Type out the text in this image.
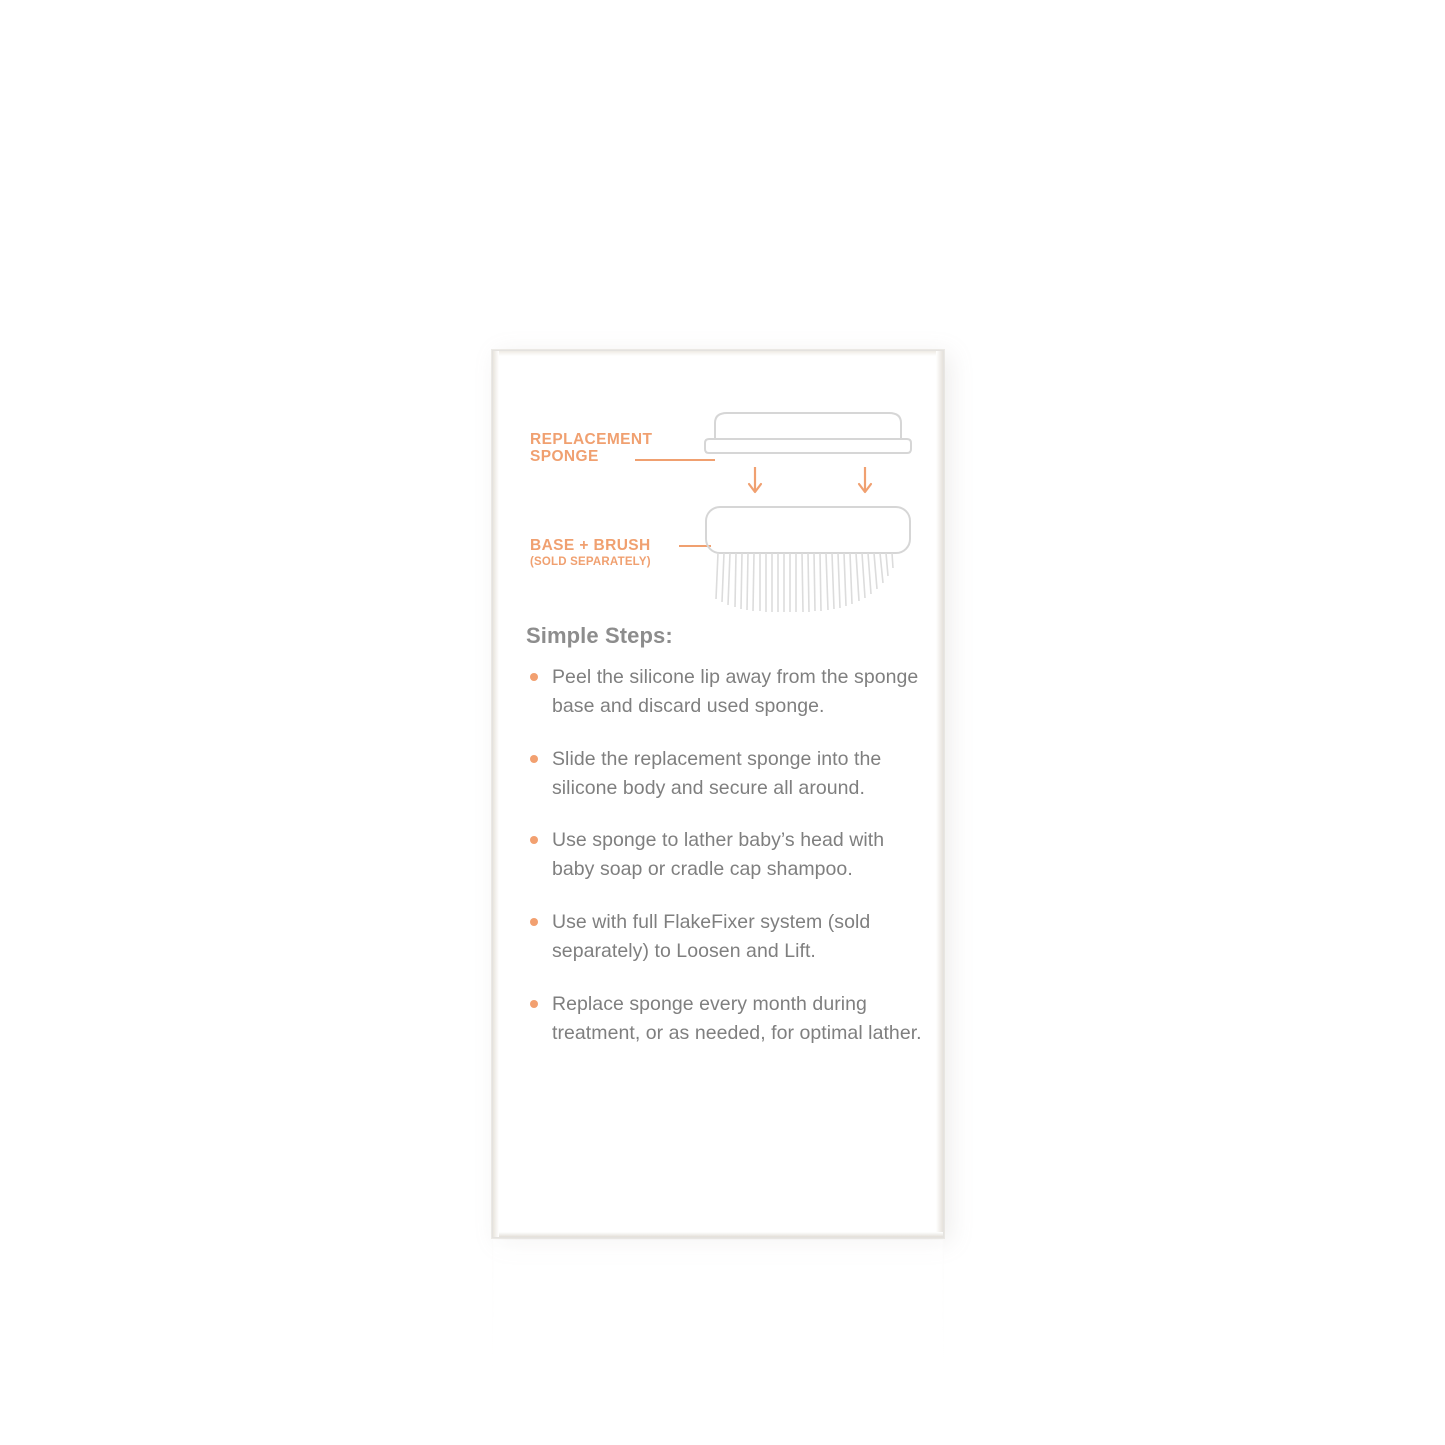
REPLACEMENT
SPONGE
BASE + BRUSH
(SOLD SEPARATELY)
Simple Steps:
Peel the silicone lip away from the sponge base and discard used sponge.
Slide the replacement sponge into the silicone body and secure all around.
Use sponge to lather baby’s head with baby soap or cradle cap shampoo.
Use with full FlakeFixer system (sold separately) to Loosen and Lift.
Replace sponge every month during treatment, or as needed, for optimal lather.
